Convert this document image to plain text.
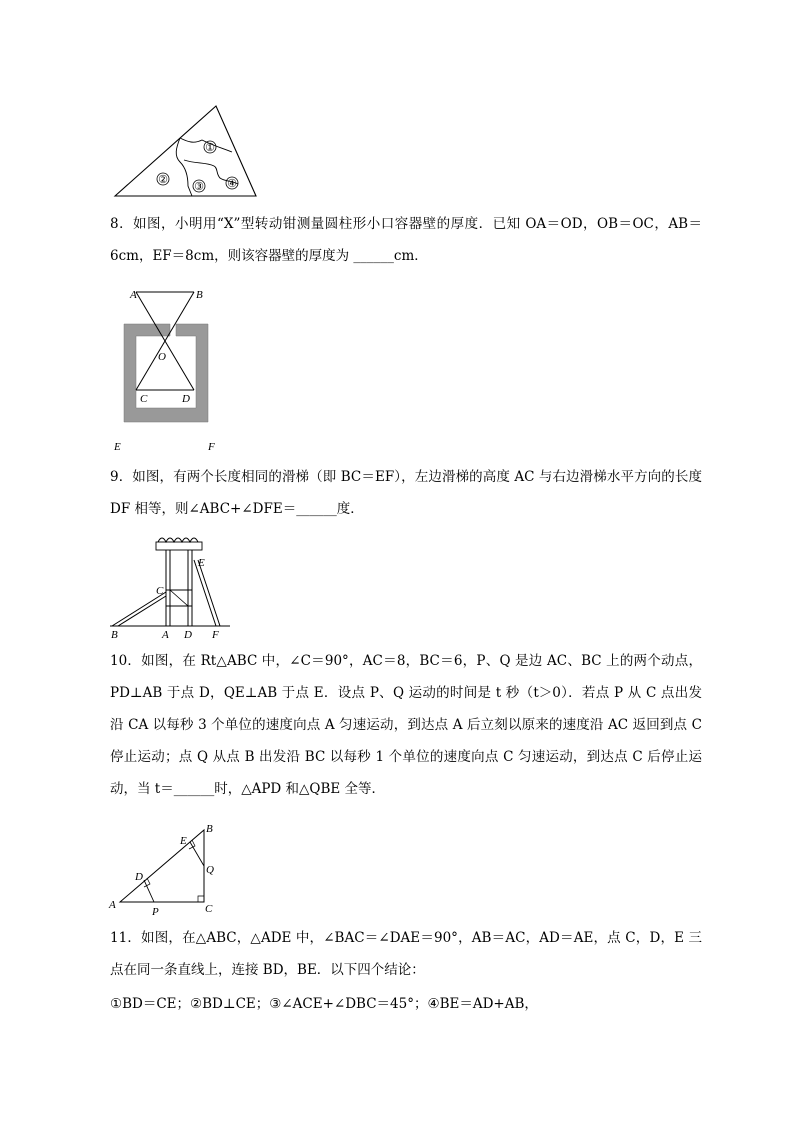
①
②
③ ④
8．如图，小明用“X”型转动钳测量圆柱形小口容器壁的厚度．已知 OA＝OD，OB＝OC，AB＝6cm，EF＝8cm，则该容器壁的厚度为 ______cm．
A	B
O
C	D
E	F
9．如图，有两个长度相同的滑梯（即 BC＝EF），左边滑梯的高度 AC 与右边滑梯水平方向的长度 DF 相等，则∠ABC+∠DFE＝______度．
C
E
B	A D F
10．如图，在 Rt△ABC 中，∠C＝90°，AC＝8，BC＝6，P、Q 是边 AC、BC 上的两个动点，PD⊥AB 于点 D，QE⊥AB 于点 E．设点 P、Q 运动的时间是 t 秒（t＞0）．若点 P 从 C 点出发沿 CA 以每秒 3 个单位的速度向点 A 匀速运动，到达点 A 后立刻以原来的速度沿 AC 返回到点 C 停止运动；点 Q 从点 B 出发沿 BC 以每秒 1 个单位的速度向点 C 匀速运动，到达点 C 后停止运动，当 t＝______时，△APD 和△QBE 全等．
B
E
D
Q
A
P	C
11．如图，在△ABC，△ADE 中，∠BAC＝∠DAE＝90°，AB＝AC，AD＝AE，点 C，D，E 三点在同一条直线上，连接 BD，BE．以下四个结论：
①BD＝CE；②BD⊥CE；③∠ACE+∠DBC＝45°；④BE＝AD+AB，
